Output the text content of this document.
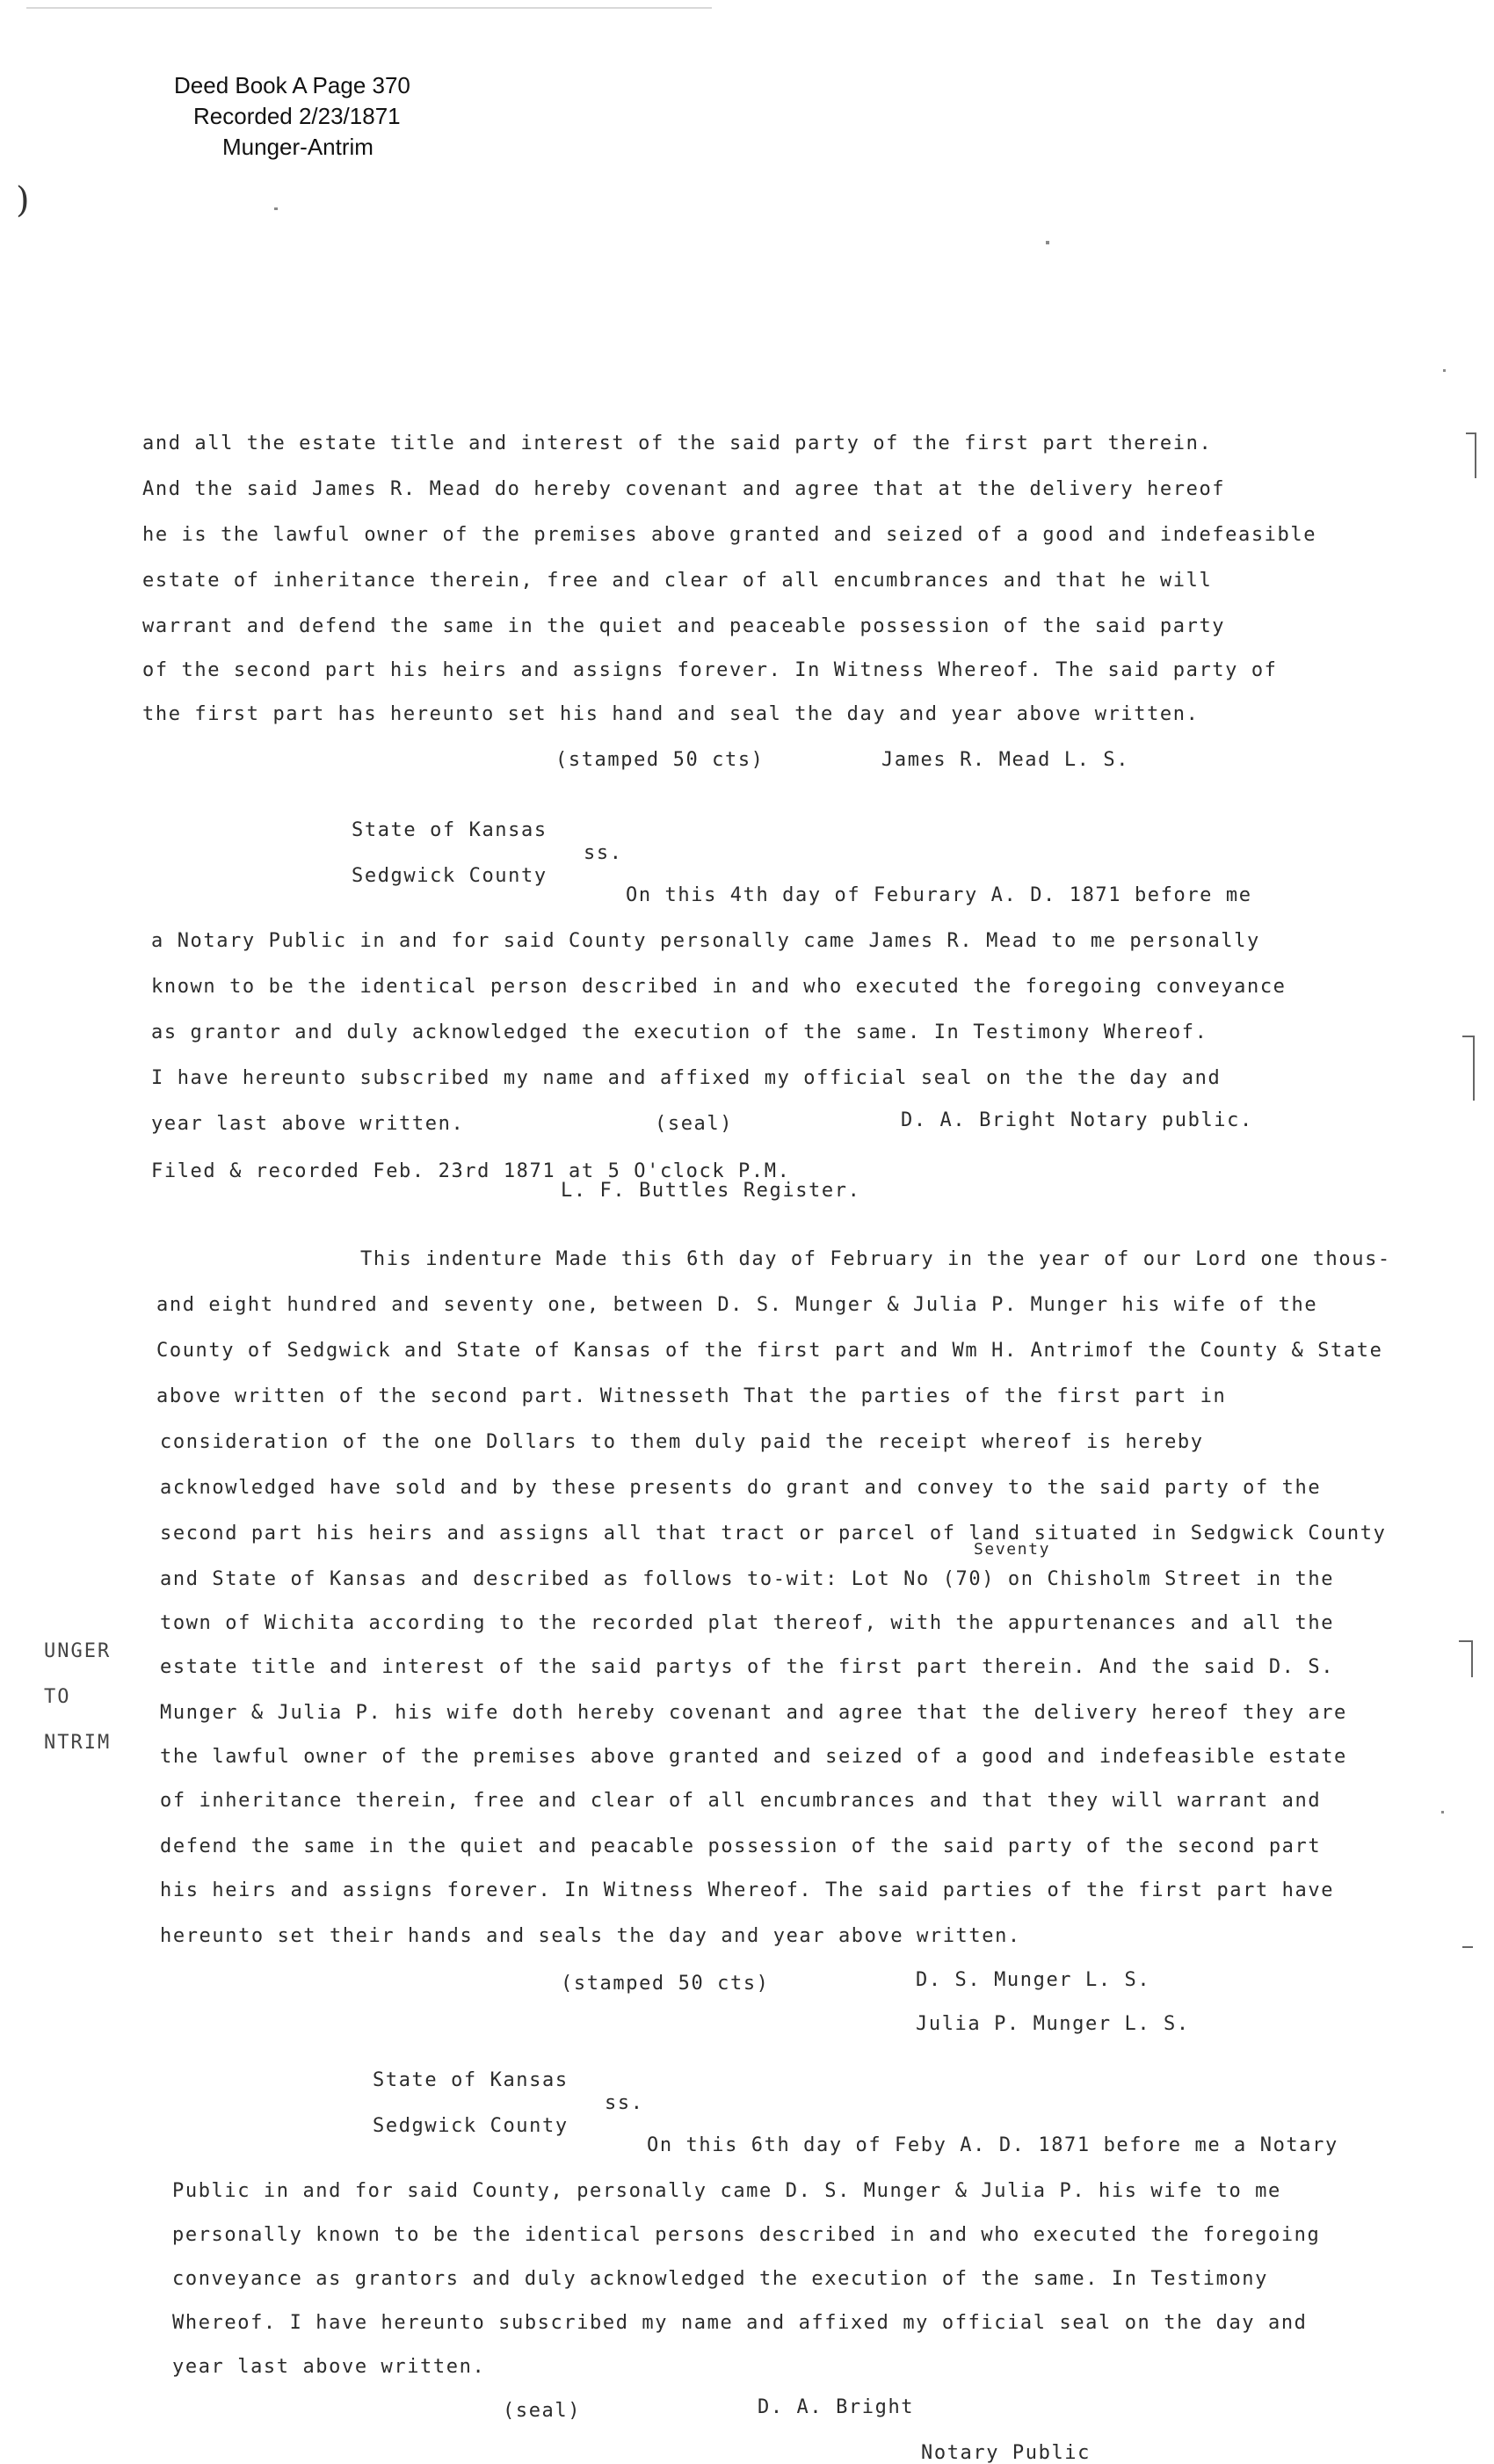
Deed Book A Page 370
Recorded 2/23/1871
Munger-Antrim
)
and all the estate title and interest of the said party of the first part therein.
And the said James R. Mead do hereby covenant and agree that at the delivery hereof
he is the lawful owner of the premises above granted and seized of a good and indefeasible
estate of inheritance therein, free and clear of all encumbrances and that he will
warrant and defend the same in the quiet and peaceable possession of the said party
of the second part his heirs and assigns forever. In Witness Whereof. The said party of
the first part has hereunto set his hand and seal the day and year above written.
(stamped 50 cts)	James R. Mead L. S.
State of Kansas
ss.
Sedgwick County
On this 4th day of Feburary A. D. 1871 before me
a Notary Public in and for said County personally came James R. Mead to me personally
known to be the identical person described in and who executed the foregoing conveyance
as grantor and duly acknowledged the execution of the same. In Testimony Whereof.
I have hereunto subscribed my name and affixed my official seal on the the day and
year last above written.	(seal)	D. A. Bright Notary public.
Filed & recorded Feb. 23rd 1871 at 5 O'clock P.M.
L. F. Buttles Register.
This indenture Made this 6th day of February in the year of our Lord one thous-
and eight hundred and seventy one, between D. S. Munger & Julia P. Munger his wife of the
County of Sedgwick and State of Kansas of the first part and Wm H. Antrimof the County & State
above written of the second part. Witnesseth That the parties of the first part in
consideration of the one Dollars to them duly paid the receipt whereof is hereby
acknowledged have sold and by these presents do grant and convey to the said party of the
second part his heirs and assigns all that tract or parcel of land situated in Sedgwick County
Seventy
and State of Kansas and described as follows to-wit: Lot No (70) on Chisholm Street in the
town of Wichita according to the recorded plat thereof, with the appurtenances and all the
estate title and interest of the said partys of the first part therein. And the said D. S.
Munger & Julia P. his wife doth hereby covenant and agree that the delivery hereof they are
the lawful owner of the premises above granted and seized of a good and indefeasible estate
of inheritance therein, free and clear of all encumbrances and that they will warrant and
defend the same in the quiet and peacable possession of the said party of the second part
his heirs and assigns forever. In Witness Whereof. The said parties of the first part have
hereunto set their hands and seals the day and year above written.
(stamped 50 cts)	D. S. Munger L. S.
Julia P. Munger L. S.
UNGER
TO
NTRIM
State of Kansas
ss.
Sedgwick County
On this 6th day of Feby A. D. 1871 before me a Notary
Public in and for said County, personally came D. S. Munger & Julia P. his wife to me
personally known to be the identical persons described in and who executed the foregoing
conveyance as grantors and duly acknowledged the execution of the same. In Testimony
Whereof. I have hereunto subscribed my name and affixed my official seal on the day and
year last above written.
(seal)	D. A. Bright
Notary Public
